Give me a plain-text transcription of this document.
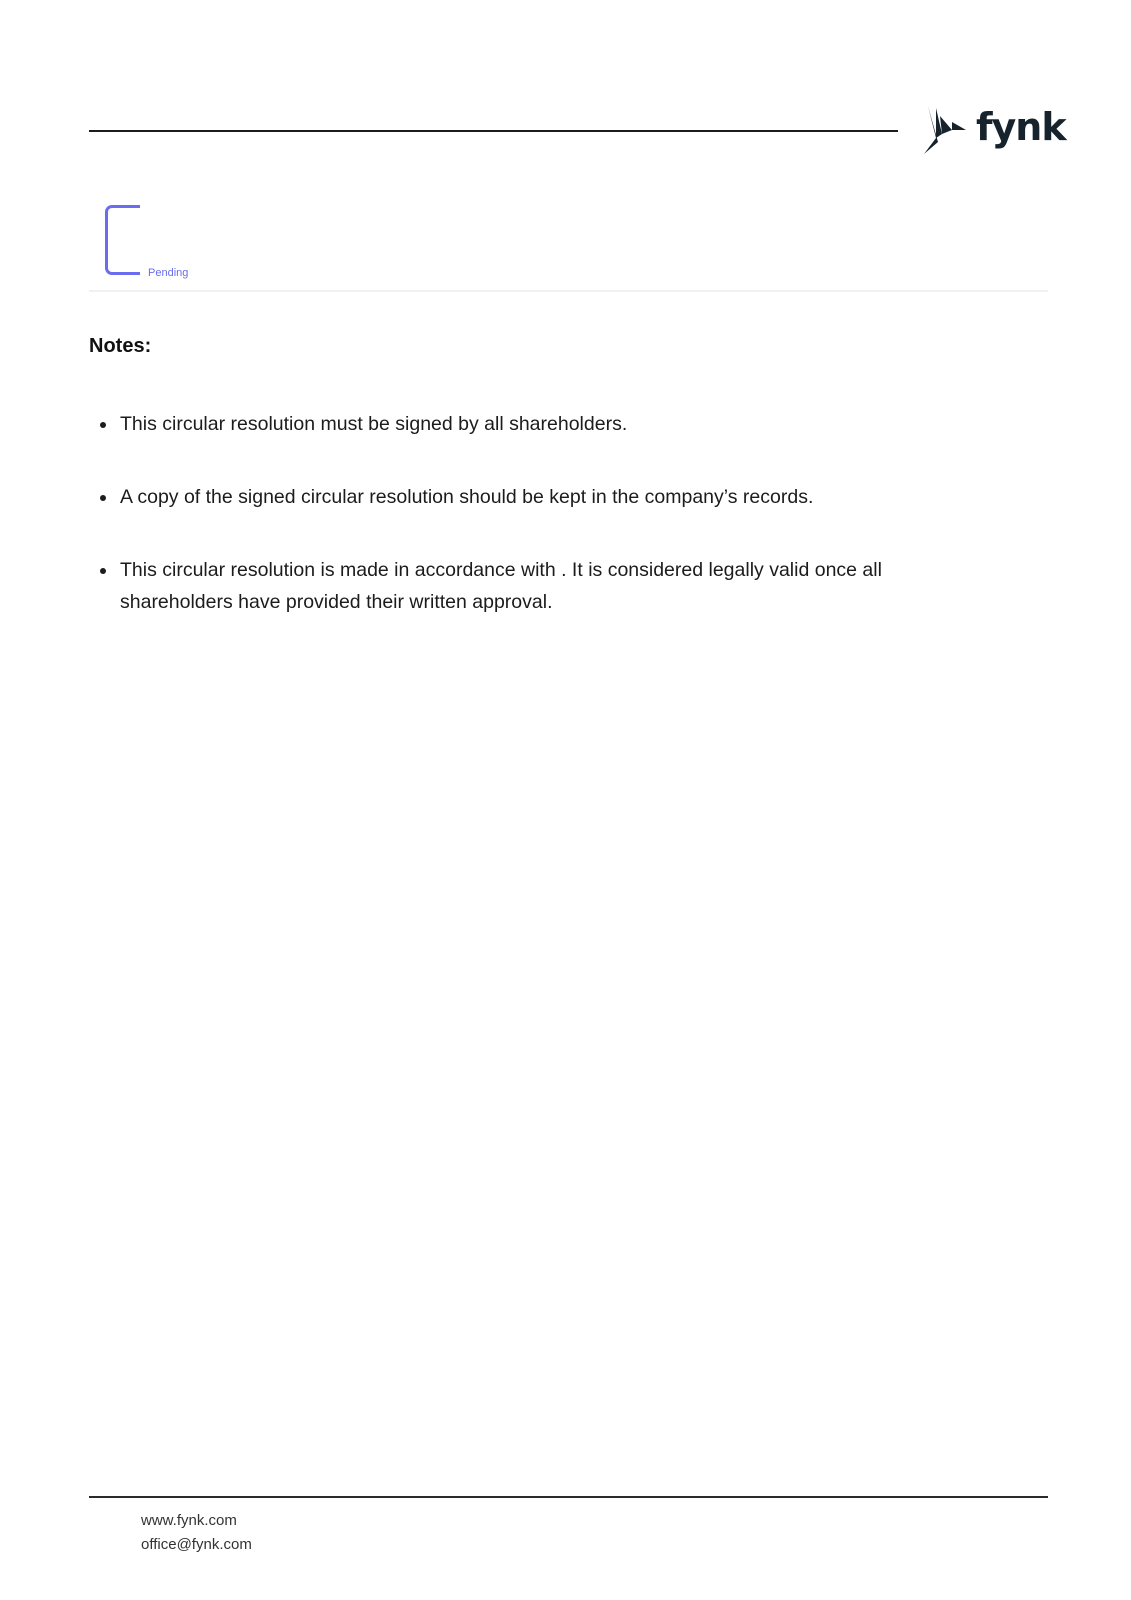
fynk
Pending
Notes:
This circular resolution must be signed by all shareholders.
A copy of the signed circular resolution should be kept in the company’s records.
This circular resolution is made in accordance with . It is considered legally valid once all shareholders have provided their written approval.
www.fynk.com
office@fynk.com
